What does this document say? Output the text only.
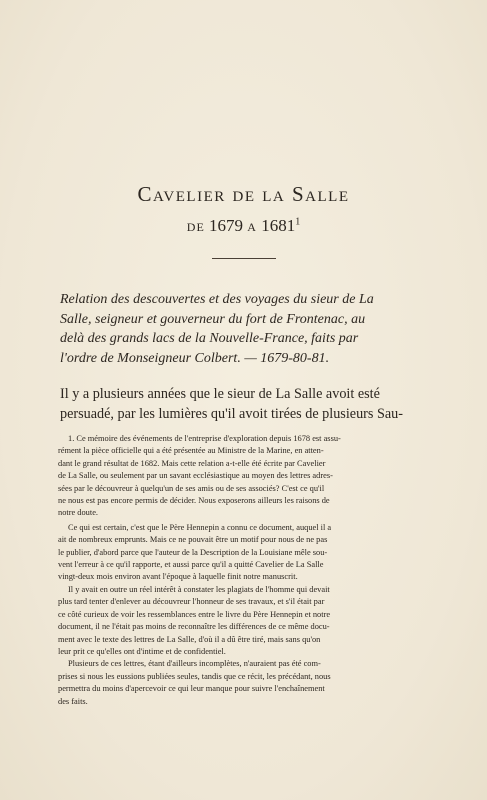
Cavelier de la Salle
de 1679 a 1681$^1$
Relation des descouvertes et des voyages du sieur de La
Salle, seigneur et gouverneur du fort de Frontenac, au
delà des grands lacs de la Nouvelle-France, faits par
l'ordre de Monseigneur Colbert. — 1679-80-81.
Il y a plusieurs années que le sieur de La Salle avoit esté
persuadé, par les lumières qu'il avoit tirées de plusieurs Sau-
1. Ce mémoire des événements de l'entreprise d'exploration depuis 1678 est assu-
rément la pièce officielle qui a été présentée au Ministre de la Marine, en atten-
dant le grand résultat de 1682. Mais cette relation a-t-elle été écrite par Cavelier
de La Salle, ou seulement par un savant ecclésiastique au moyen des lettres adres-
sées par le découvreur à quelqu'un de ses amis ou de ses associés? C'est ce qu'il
ne nous est pas encore permis de décider. Nous exposerons ailleurs les raisons de
notre doute.
Ce qui est certain, c'est que le Père Hennepin a connu ce document, auquel il a
ait de nombreux emprunts. Mais ce ne pouvait être un motif pour nous de ne pas
le publier, d'abord parce que l'auteur de la Description de la Louisiane mêle sou-
vent l'erreur à ce qu'il rapporte, et aussi parce qu'il a quitté Cavelier de La Salle
vingt-deux mois environ avant l'époque à laquelle finit notre manuscrit.
Il y avait en outre un réel intérêt à constater les plagiats de l'homme qui devait
plus tard tenter d'enlever au découvreur l'honneur de ses travaux, et s'il était par
ce côté curieux de voir les ressemblances entre le livre du Père Hennepin et notre
document, il ne l'était pas moins de reconnaître les différences de ce même docu-
ment avec le texte des lettres de La Salle, d'où il a dû être tiré, mais sans qu'on
leur prit ce qu'elles ont d'intime et de confidentiel.
Plusieurs de ces lettres, étant d'ailleurs incomplètes, n'auraient pas été com-
prises si nous les eussions publiées seules, tandis que ce récit, les précédant, nous
permettra du moins d'apercevoir ce qui leur manque pour suivre l'enchaînement
des faits.
